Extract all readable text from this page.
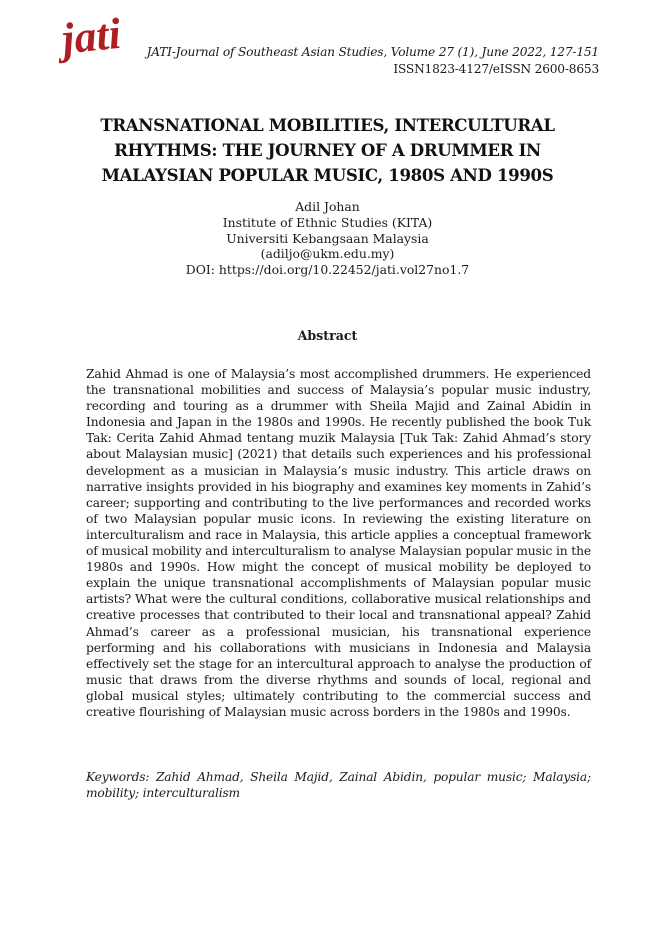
jati JATI-Journal of Southeast Asian Studies, Volume 27 (1), June 2022, 127-151
ISSN1823-4127/eISSN 2600-8653
TRANSNATIONAL MOBILITIES, INTERCULTURAL
RHYTHMS: THE JOURNEY OF A DRUMMER IN
MALAYSIAN POPULAR MUSIC, 1980S AND 1990S
Adil Johan
Institute of Ethnic Studies (KITA)
Universiti Kebangsaan Malaysia
(adiljo@ukm.edu.my)
DOI: https://doi.org/10.22452/jati.vol27no1.7
Abstract

Zahid Ahmad is one of Malaysia’s most accomplished drummers. He experienced the transnational mobilities and success of Malaysia’s popular music industry, recording and touring as a drummer with Sheila Majid and Zainal Abidin in Indonesia and Japan in the 1980s and 1990s. He recently published the book Tuk Tak: Cerita Zahid Ahmad tentang muzik Malaysia [Tuk Tak: Zahid Ahmad’s story about Malaysian music] (2021) that details such experiences and his professional development as a musician in Malaysia’s music industry. This article draws on narrative insights provided in his biography and examines key moments in Zahid’s career; supporting and contributing to the live performances and recorded works of two Malaysian popular music icons. In reviewing the existing literature on interculturalism and race in Malaysia, this article applies a conceptual framework of musical mobility and interculturalism to analyse Malaysian popular music in the 1980s and 1990s. How might the concept of musical mobility be deployed to explain the unique transnational accomplishments of Malaysian popular music artists? What were the cultural conditions, collaborative musical relationships and creative processes that contributed to their local and transnational appeal? Zahid Ahmad’s career as a professional musician, his transnational experience performing and his collaborations with musicians in Indonesia and Malaysia effectively set the stage for an intercultural approach to analyse the production of music that draws from the diverse rhythms and sounds of local, regional and global musical styles; ultimately contributing to the commercial success and creative flourishing of Malaysian music across borders in the 1980s and 1990s.

Keywords: Zahid Ahmad, Sheila Majid, Zainal Abidin, popular music; Malaysia; mobility; interculturalism
